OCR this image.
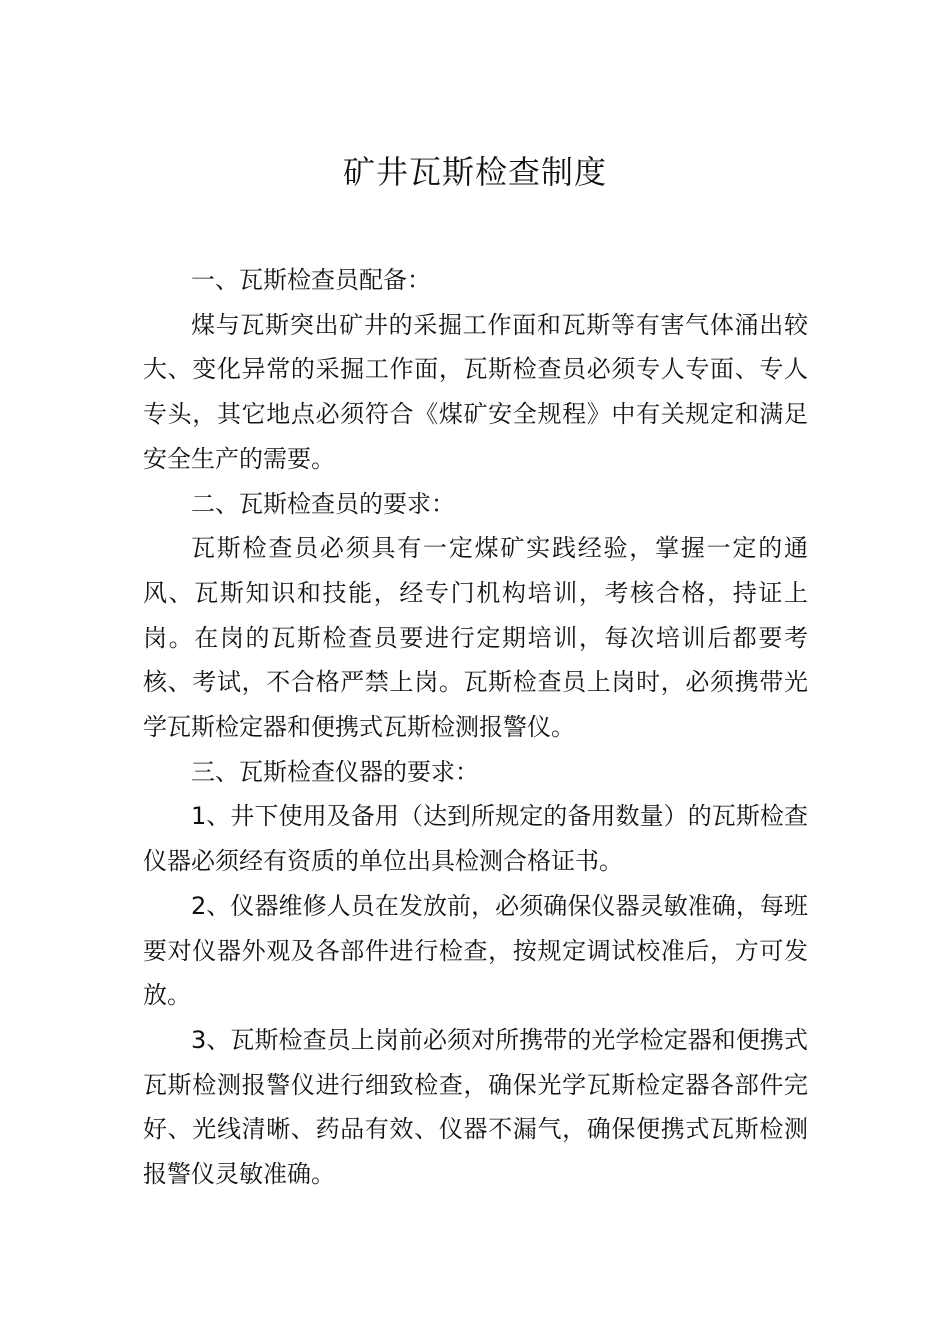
矿井瓦斯检查制度

一、瓦斯检查员配备：

煤与瓦斯突出矿井的采掘工作面和瓦斯等有害气体涌出较大、变化异常的采掘工作面，瓦斯检查员必须专人专面、专人专头，其它地点必须符合《煤矿安全规程》中有关规定和满足安全生产的需要。

二、瓦斯检查员的要求：

瓦斯检查员必须具有一定煤矿实践经验，掌握一定的通风、瓦斯知识和技能，经专门机构培训，考核合格，持证上岗。在岗的瓦斯检查员要进行定期培训，每次培训后都要考核、考试，不合格严禁上岗。瓦斯检查员上岗时，必须携带光学瓦斯检定器和便携式瓦斯检测报警仪。

三、瓦斯检查仪器的要求：

1、井下使用及备用（达到所规定的备用数量）的瓦斯检查仪器必须经有资质的单位出具检测合格证书。

2、仪器维修人员在发放前，必须确保仪器灵敏准确，每班要对仪器外观及各部件进行检查，按规定调试校准后，方可发放。

3、瓦斯检查员上岗前必须对所携带的光学检定器和便携式瓦斯检测报警仪进行细致检查，确保光学瓦斯检定器各部件完好、光线清晰、药品有效、仪器不漏气，确保便携式瓦斯检测报警仪灵敏准确。
